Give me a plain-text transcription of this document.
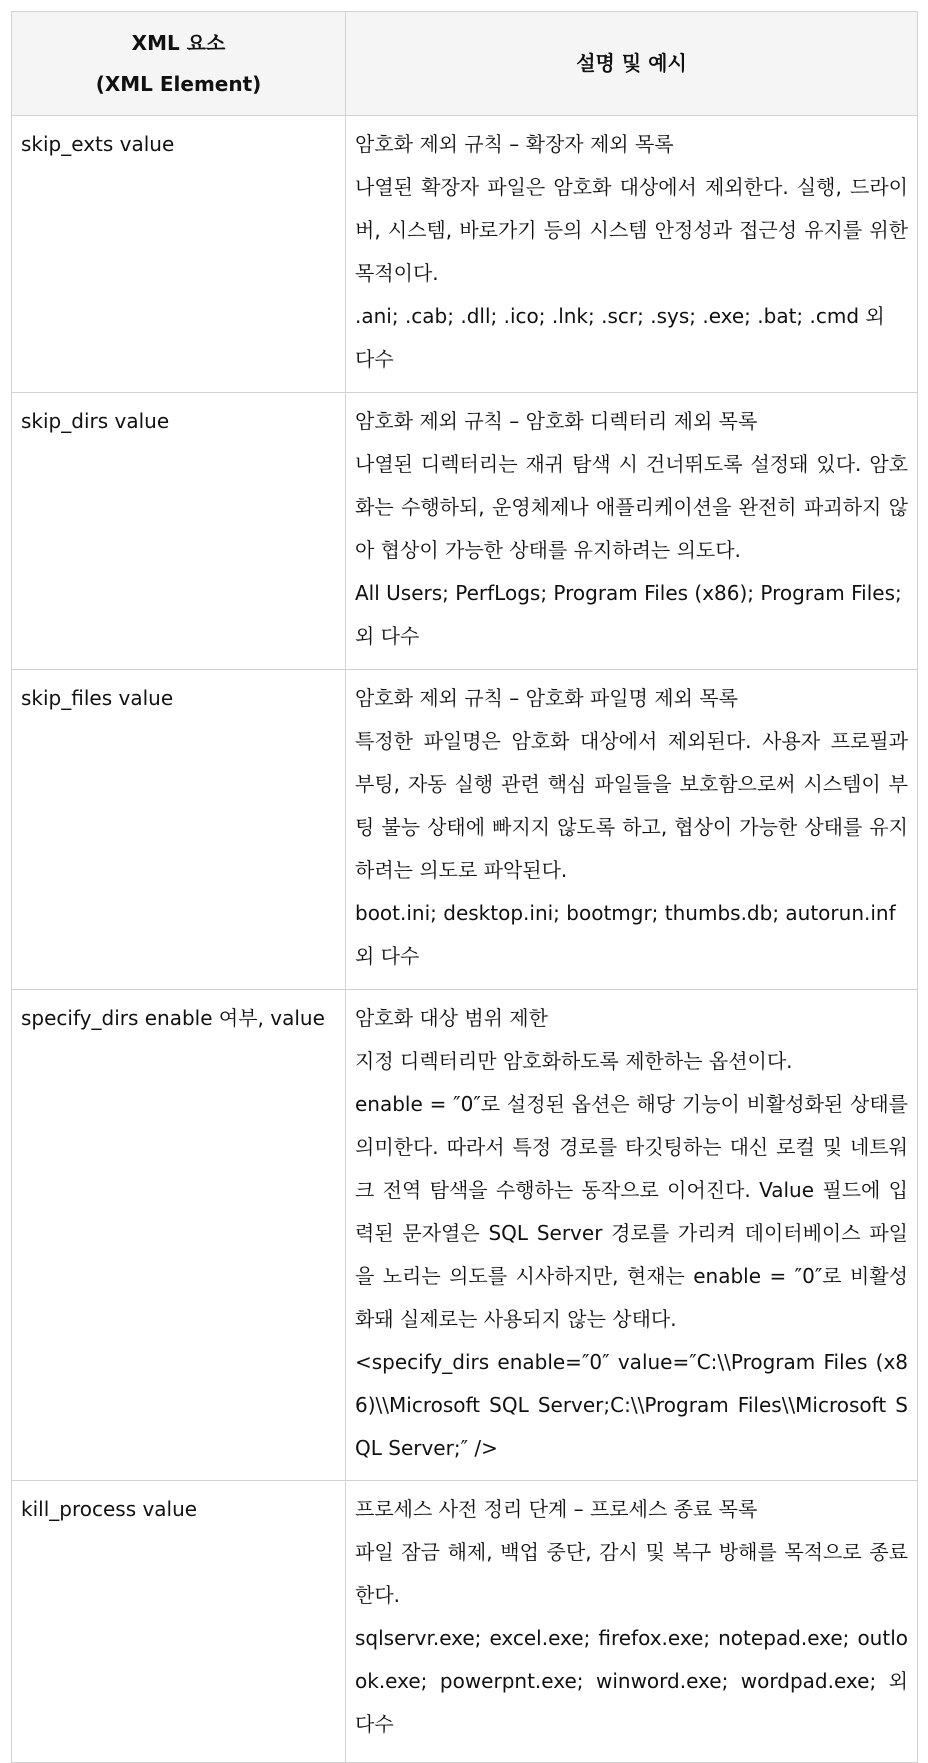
XML 요소
(XML Element)	설명 및 예시

skip_exts value	암호화 제외 규칙 – 확장자 제외 목록
나열된 확장자 파일은 암호화 대상에서 제외한다. 실행, 드라이버, 시스템, 바로가기 등의 시스템 안정성과 접근성 유지를 위한 목적이다.
.ani; .cab; .dll; .ico; .lnk; .scr; .sys; .exe; .bat; .cmd 외 다수

skip_dirs value	암호화 제외 규칙 – 암호화 디렉터리 제외 목록
나열된 디렉터리는 재귀 탐색 시 건너뛰도록 설정돼 있다. 암호화는 수행하되, 운영체제나 애플리케이션을 완전히 파괴하지 않아 협상이 가능한 상태를 유지하려는 의도다.
All Users; PerfLogs; Program Files (x86); Program Files; 외 다수

skip_files value	암호화 제외 규칙 – 암호화 파일명 제외 목록
특정한 파일명은 암호화 대상에서 제외된다. 사용자 프로필과 부팅, 자동 실행 관련 핵심 파일들을 보호함으로써 시스템이 부팅 불능 상태에 빠지지 않도록 하고, 협상이 가능한 상태를 유지하려는 의도로 파악된다.
boot.ini; desktop.ini; bootmgr; thumbs.db; autorun.inf 외 다수

specify_dirs enable 여부, value	암호화 대상 범위 제한
지정 디렉터리만 암호화하도록 제한하는 옵션이다.
enable = ″0″로 설정된 옵션은 해당 기능이 비활성화된 상태를 의미한다. 따라서 특정 경로를 타깃팅하는 대신 로컬 및 네트워크 전역 탐색을 수행하는 동작으로 이어진다. Value 필드에 입력된 문자열은 SQL Server 경로를 가리켜 데이터베이스 파일을 노리는 의도를 시사하지만, 현재는 enable = ″0″로 비활성화돼 실제로는 사용되지 않는 상태다.
<specify_dirs enable=″0″ value=″C:\\Program Files (x86)\\Microsoft SQL Server;C:\\Program Files\\Microsoft SQL Server;″ />

kill_process value	프로세스 사전 정리 단계 – 프로세스 종료 목록
파일 잠금 해제, 백업 중단, 감시 및 복구 방해를 목적으로 종료한다.
sqlservr.exe; excel.exe; firefox.exe; notepad.exe; outlook.exe; powerpnt.exe; winword.exe; wordpad.exe; 외 다수
